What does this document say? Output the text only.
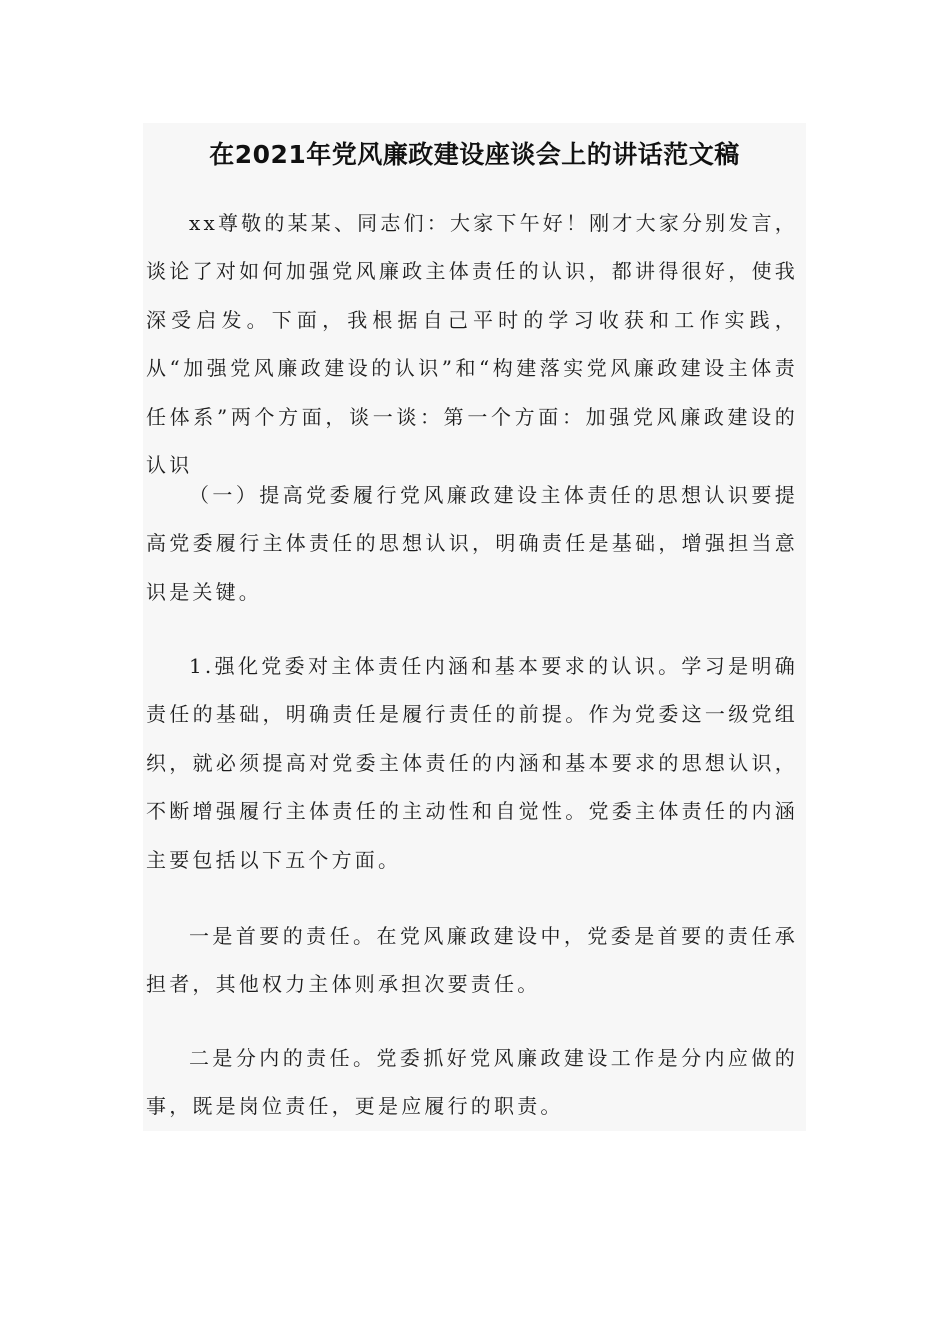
在2021年党风廉政建设座谈会上的讲话范文稿

xx尊敬的某某、同志们：大家下午好！刚才大家分别发言，谈论了对如何加强党风廉政主体责任的认识，都讲得很好，使我深受启发。下面，我根据自己平时的学习收获和工作实践，从“加强党风廉政建设的认识”和“构建落实党风廉政建设主体责任体系”两个方面，谈一谈：第一个方面：加强党风廉政建设的认识

（一）提高党委履行党风廉政建设主体责任的思想认识要提高党委履行主体责任的思想认识，明确责任是基础，增强担当意识是关键。

1.强化党委对主体责任内涵和基本要求的认识。学习是明确责任的基础，明确责任是履行责任的前提。作为党委这一级党组织，就必须提高对党委主体责任的内涵和基本要求的思想认识，不断增强履行主体责任的主动性和自觉性。党委主体责任的内涵主要包括以下五个方面。

一是首要的责任。在党风廉政建设中，党委是首要的责任承担者，其他权力主体则承担次要责任。

二是分内的责任。党委抓好党风廉政建设工作是分内应做的事，既是岗位责任，更是应履行的职责。
